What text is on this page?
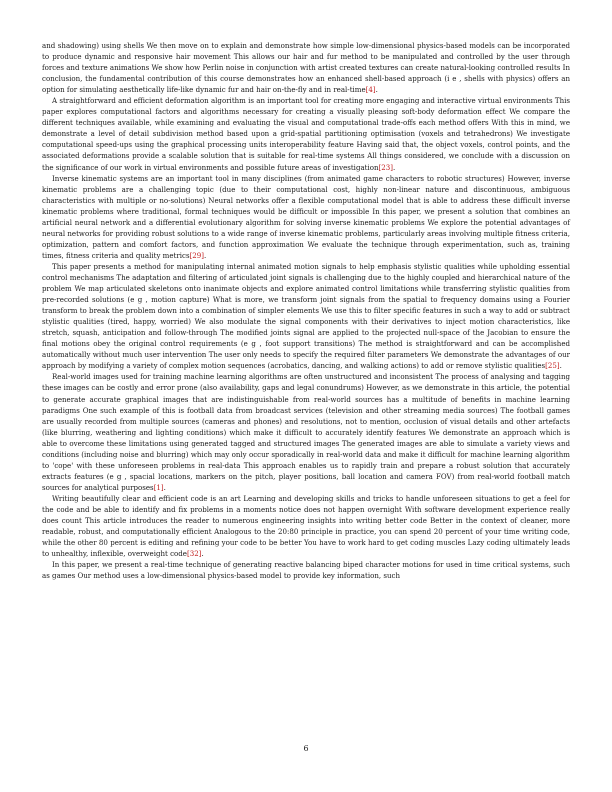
and shadowing) using shells We then move on to explain and demonstrate how simple low-dimensional physics-based models can be incorporated to produce dynamic and responsive hair movement This allows our hair and fur method to be manipulated and controlled by the user through forces and texture animations We show how Perlin noise in conjunction with artist created textures can create natural-looking controlled results In conclusion, the fundamental contribution of this course demonstrates how an enhanced shell-based approach (i e , shells with physics) offers an option for simulating aesthetically life-like dynamic fur and hair on-the-fly and in real-time[4].

A straightforward and efficient deformation algorithm is an important tool for creating more engaging and interactive virtual environments This paper explores computational factors and algorithms necessary for creating a visually pleasing soft-body deformation effect We compare the different techniques available, while examining and evaluating the visual and computational trade-offs each method offers With this in mind, we demonstrate a level of detail subdivision method based upon a grid-spatial partitioning optimisation (voxels and tetrahedrons) We investigate computational speed-ups using the graphical processing units interoperability feature Having said that, the object voxels, control points, and the associated deformations provide a scalable solution that is suitable for real-time systems All things considered, we conclude with a discussion on the significance of our work in virtual environments and possible future areas of investigation[23].

Inverse kinematic systems are an important tool in many disciplines (from animated game characters to robotic structures) However, inverse kinematic problems are a challenging topic (due to their computational cost, highly non-linear nature and discontinuous, ambiguous characteristics with multiple or no-solutions) Neural networks offer a flexible computational model that is able to address these difficult inverse kinematic problems where traditional, formal techniques would be difficult or impossible In this paper, we present a solution that combines an artificial neural network and a differential evolutionary algorithm for solving inverse kinematic problems We explore the potential advantages of neural networks for providing robust solutions to a wide range of inverse kinematic problems, particularly areas involving multiple fitness criteria, optimization, pattern and comfort factors, and function approximation We evaluate the technique through experimentation, such as, training times, fitness criteria and quality metrics[29].

This paper presents a method for manipulating internal animated motion signals to help emphasis stylistic qualities while upholding essential control mechanisms The adaptation and filtering of articulated joint signals is challenging due to the highly coupled and hierarchical nature of the problem We map articulated skeletons onto inanimate objects and explore animated control limitations while transferring stylistic qualities from pre-recorded solutions (e g , motion capture) What is more, we transform joint signals from the spatial to frequency domains using a Fourier transform to break the problem down into a combination of simpler elements We use this to filter specific features in such a way to add or subtract stylistic qualities (tired, happy, worried) We also modulate the signal components with their derivatives to inject motion characteristics, like stretch, squash, anticipation and follow-through The modified joints signal are applied to the projected null-space of the Jacobian to ensure the final motions obey the original control requirements (e g , foot support transitions) The method is straightforward and can be accomplished automatically without much user intervention The user only needs to specify the required filter parameters We demonstrate the advantages of our approach by modifying a variety of complex motion sequences (acrobatics, dancing, and walking actions) to add or remove stylistic qualities[25].

Real-world images used for training machine learning algorithms are often unstructured and inconsistent The process of analysing and tagging these images can be costly and error prone (also availability, gaps and legal conundrums) However, as we demonstrate in this article, the potential to generate accurate graphical images that are indistinguishable from real-world sources has a multitude of benefits in machine learning paradigms One such example of this is football data from broadcast services (television and other streaming media sources) The football games are usually recorded from multiple sources (cameras and phones) and resolutions, not to mention, occlusion of visual details and other artefacts (like blurring, weathering and lighting conditions) which make it difficult to accurately identify features We demonstrate an approach which is able to overcome these limitations using generated tagged and structured images The generated images are able to simulate a variety views and conditions (including noise and blurring) which may only occur sporadically in real-world data and make it difficult for machine learning algorithm to 'cope' with these unforeseen problems in real-data This approach enables us to rapidly train and prepare a robust solution that accurately extracts features (e g , spacial locations, markers on the pitch, player positions, ball location and camera FOV) from real-world football match sources for analytical purposes[1].

Writing beautifully clear and efficient code is an art Learning and developing skills and tricks to handle unforeseen situations to get a feel for the code and be able to identify and fix problems in a moments notice does not happen overnight With software development experience really does count This article introduces the reader to numerous engineering insights into writing better code Better in the context of cleaner, more readable, robust, and computationally efficient Analogous to the 20:80 principle in practice, you can spend 20 percent of your time writing code, while the other 80 percent is editing and refining your code to be better You have to work hard to get coding muscles Lazy coding ultimately leads to unhealthy, inflexible, overweight code[32].

In this paper, we present a real-time technique of generating reactive balancing biped character motions for used in time critical systems, such as games Our method uses a low-dimensional physics-based model to provide key information, such

6
